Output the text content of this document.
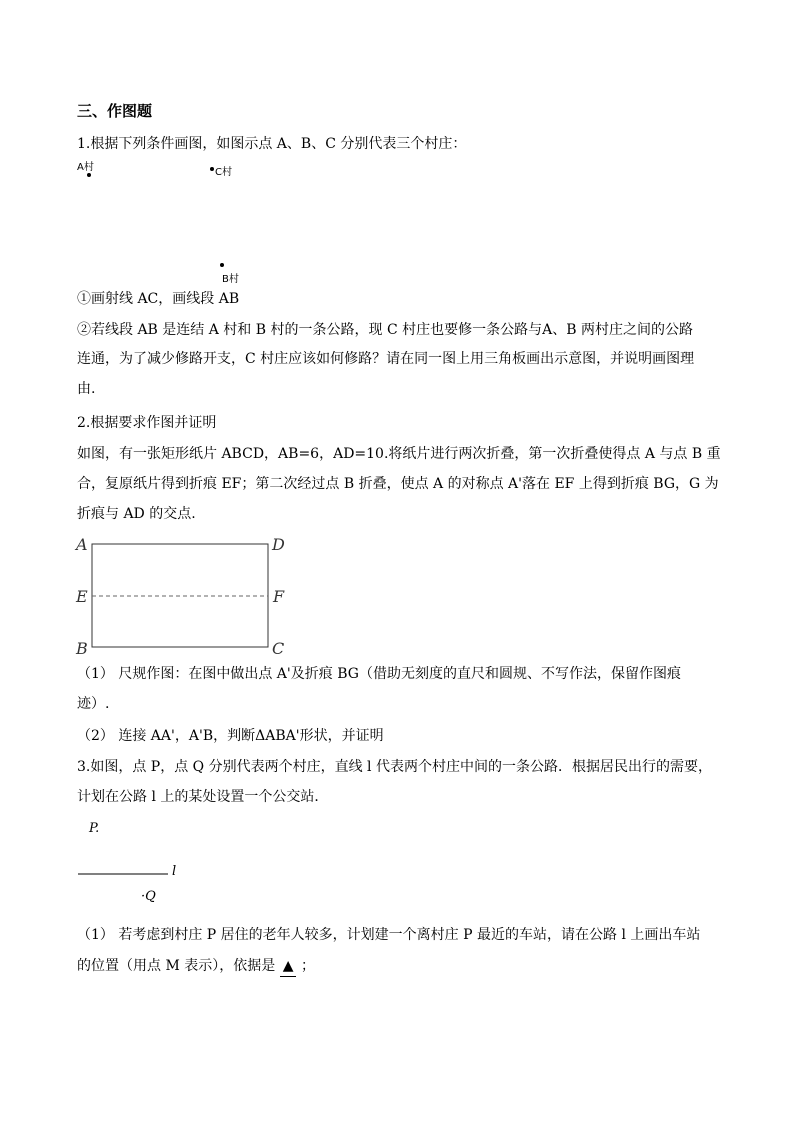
三、作图题
1.根据下列条件画图，如图示点 A、B、C 分别代表三个村庄：
A村	C村
B村
①画射线 AC，画线段 AB
②若线段 AB 是连结 A 村和 B 村的一条公路，现 C 村庄也要修一条公路与A、B 两村庄之间的公路
连通，为了减少修路开支，C 村庄应该如何修路？请在同一图上用三角板画出示意图，并说明画图理
由.
2.根据要求作图并证明
如图，有一张矩形纸片 ABCD，AB=6，AD=10.将纸片进行两次折叠，第一次折叠使得点 A 与点 B 重
合，复原纸片得到折痕 EF；第二次经过点 B 折叠，使点 A 的对称点 A'落在 EF 上得到折痕 BG，G 为
折痕与 AD 的交点.
A	D
E	F
B	C
（1） 尺规作图：在图中做出点 A'及折痕 BG（借助无刻度的直尺和圆规、不写作法，保留作图痕
迹）.
（2） 连接 AA'，A'B，判断ΔABA'形状，并证明
3.如图，点 P，点 Q 分别代表两个村庄，直线 l 代表两个村庄中间的一条公路．根据居民出行的需要，
计划在公路 l 上的某处设置一个公交站．
P.
l
·Q
（1） 若考虑到村庄 P 居住的老年人较多，计划建一个离村庄 P 最近的车站，请在公路 l 上画出车站
的位置（用点 M 表示），依据是 ▲ ；
